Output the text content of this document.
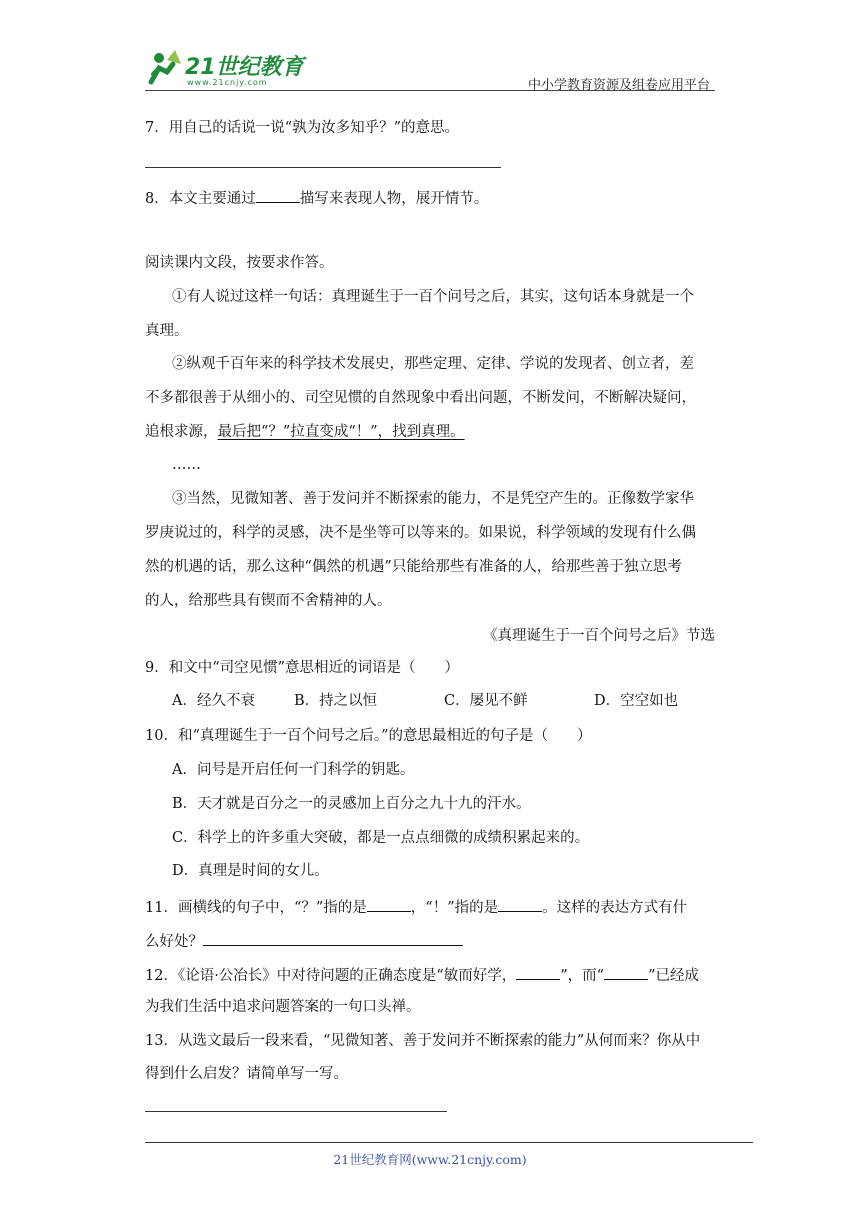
21世纪教育
www.21cnjy.com	中小学教育资源及组卷应用平台
7．用自己的话说一说“孰为汝多知乎？”的意思。
8．本文主要通过	描写来表现人物，展开情节。
阅读课内文段，按要求作答。
①有人说过这样一句话：真理诞生于一百个问号之后，其实，这句话本身就是一个
真理。
②纵观千百年来的科学技术发展史，那些定理、定律、学说的发现者、创立者，差
不多都很善于从细小的、司空见惯的自然现象中看出问题，不断发问，不断解决疑问，
追根求源，最后把“？”拉直变成“！”，找到真理。
……
③当然，见微知著、善于发问并不断探索的能力，不是凭空产生的。正像数学家华
罗庚说过的，科学的灵感，决不是坐等可以等来的。如果说，科学领域的发现有什么偶
然的机遇的话，那么这种“偶然的机遇”只能给那些有准备的人，给那些善于独立思考
的人，给那些具有锲而不舍精神的人。
《真理诞生于一百个问号之后》节选
9．和文中“司空见惯”意思相近的词语是（　　）
A．经久不衰	B．持之以恒	C．屡见不鲜	D．空空如也
10．和“真理诞生于一百个问号之后。”的意思最相近的句子是（　　）
A．问号是开启任何一门科学的钥匙。
B．天才就是百分之一的灵感加上百分之九十九的汗水。
C．科学上的许多重大突破，都是一点点细微的成绩积累起来的。
D．真理是时间的女儿。
11．画横线的句子中，“？”指的是	，“！”指的是	。这样的表达方式有什
么好处？
12．《论语·公冶长》中对待问题的正确态度是“敏而好学，	”，而“	”已经成
为我们生活中追求问题答案的一句口头禅。
13．从选文最后一段来看，“见微知著、善于发问并不断探索的能力”从何而来？你从中
得到什么启发？请简单写一写。
21世纪教育网(www.21cnjy.com)
